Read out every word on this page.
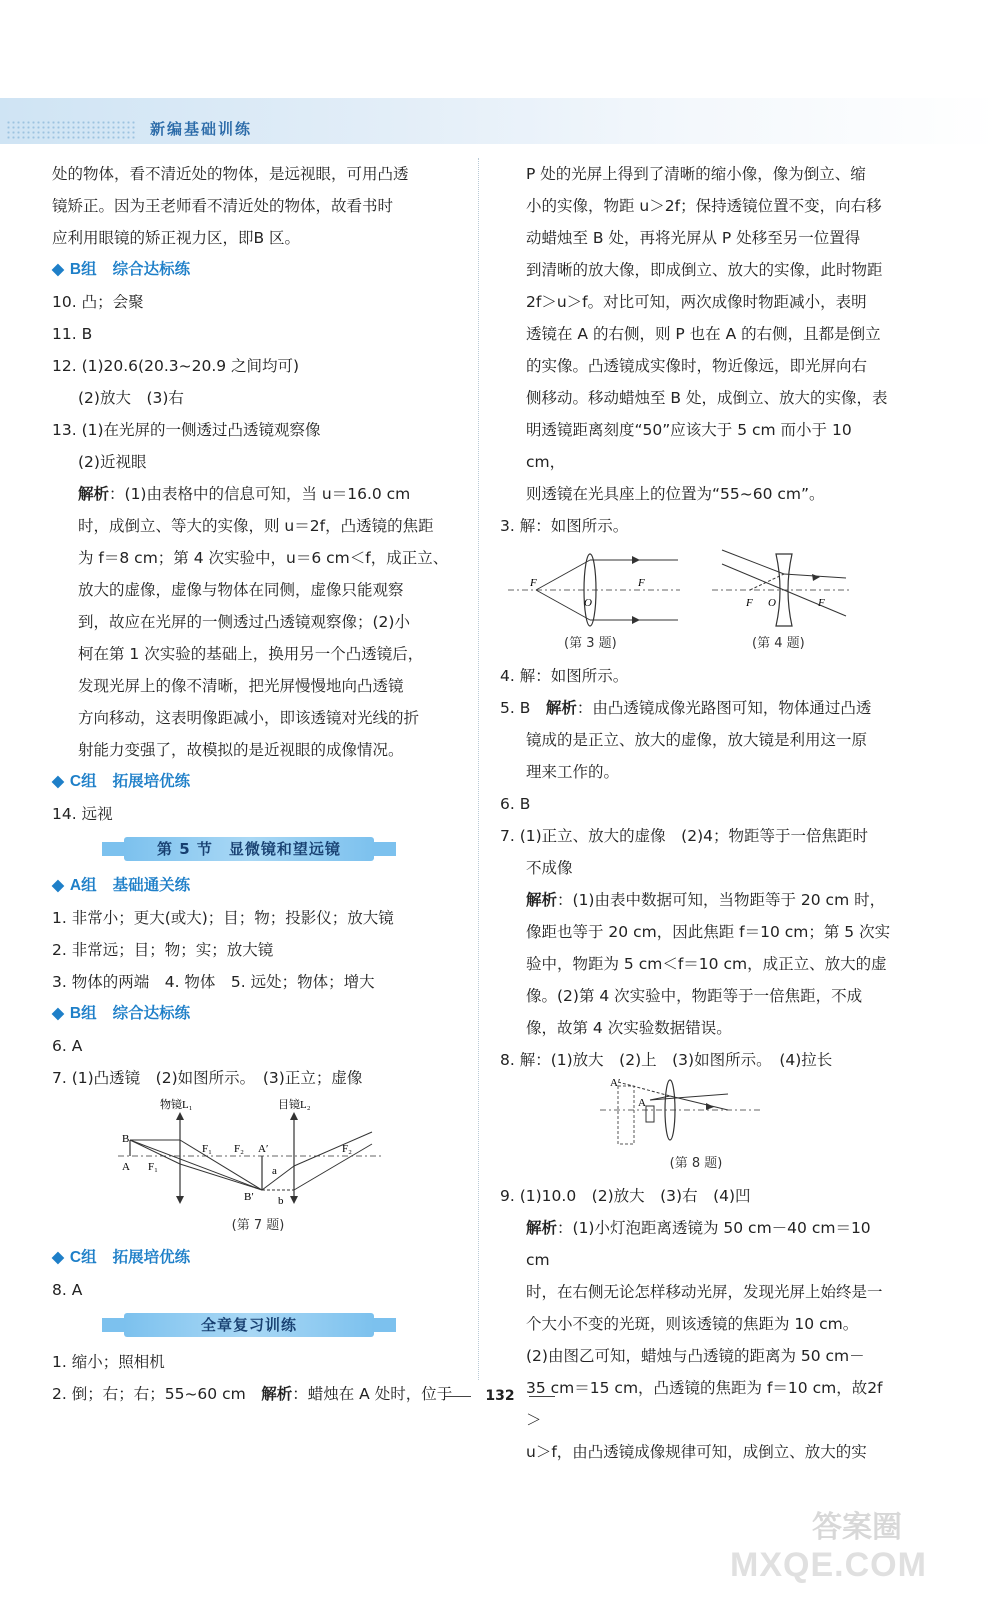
新编基础训练

处的物体，看不清近处的物体，是远视眼，可用凸透

镜矫正。因为王老师看不清近处的物体，故看书时

应利用眼镜的矫正视力区，即B 区。

◆ B组 综合达标练

10. 凸；会聚

11. B

12. (1)20.6(20.3~20.9 之间均可)

(2)放大　(3)右

13. (1)在光屏的一侧透过凸透镜观察像

(2)近视眼

解析：(1)由表格中的信息可知，当 u＝16.0 cm

时，成倒立、等大的实像，则 u＝2f，凸透镜的焦距

为 f＝8 cm；第 4 次实验中，u＝6 cm＜f，成正立、

放大的虚像，虚像与物体在同侧，虚像只能观察

到，故应在光屏的一侧透过凸透镜观察像；(2)小

柯在第 1 次实验的基础上，换用另一个凸透镜后，

发现光屏上的像不清晰，把光屏慢慢地向凸透镜

方向移动，这表明像距减小，即该透镜对光线的折

射能力变强了，故模拟的是近视眼的成像情况。

◆ C组 拓展培优练

14. 远视

第 5 节　显微镜和望远镜

◆ A组 基础通关练

1. 非常小；更大(或大)；目；物；投影仪；放大镜

2. 非常远；目；物；实；放大镜

3. 物体的两端　4. 物体　5. 远处；物体；增大

◆ B组 综合达标练

6. A

7. (1)凸透镜　(2)如图所示。　(3)正立；虚像

物镜L₁	目镜L₂
B
A
B′
A′
F₁
F₁
F₂	F₂
a
b

(第 7 题)

◆ C组 拓展培优练

8. A

全章复习训练

1. 缩小；照相机

2. 倒；右；右；55~60 cm　 解析：蜡烛在 A 处时，位于

P 处的光屏上得到了清晰的缩小像，像为倒立、缩

小的实像，物距 u＞2f；保持透镜位置不变，向右移

动蜡烛至 B 处，再将光屏从 P 处移至另一位置得

到清晰的放大像，即成倒立、放大的实像，此时物距

2f＞u＞f。对比可知，两次成像时物距减小，表明

透镜在 A 的右侧，则 P 也在 A 的右侧，且都是倒立

的实像。凸透镜成实像时，物近像远，即光屏向右

侧移动。移动蜡烛至 B 处，成倒立、放大的实像，表

明透镜距离刻度“50”应该大于 5 cm 而小于 10 cm，

则透镜在光具座上的位置为“55~60 cm”。

3. 解：如图所示。

F	F
O	F	F
O
(第 3 题)	(第 4 题)

4. 解：如图所示。

5. B　解析：由凸透镜成像光路图可知，物体通过凸透

镜成的是正立、放大的虚像，放大镜是利用这一原

理来工作的。

6. B

7. (1)正立、放大的虚像　(2)4；物距等于一倍焦距时

不成像

解析：(1)由表中数据可知，当物距等于 20 cm 时，

像距也等于 20 cm，因此焦距 f＝10 cm；第 5 次实

验中，物距为 5 cm＜f＝10 cm，成正立、放大的虚

像。(2)第 4 次实验中，物距等于一倍焦距，不成

像，故第 4 次实验数据错误。

8. 解：(1)放大　(2)上　(3)如图所示。　(4)拉长

A′
A

(第 8 题)

9. (1)10.0　(2)放大　(3)右　(4)凹

解析：(1)小灯泡距离透镜为 50 cm－40 cm＝10 cm

时，在右侧无论怎样移动光屏，发现光屏上始终是一

个大小不变的光斑，则该透镜的焦距为 10 cm。

(2)由图乙可知，蜡烛与凸透镜的距离为 50 cm－

35 cm＝15 cm，凸透镜的焦距为 f＝10 cm，故2f＞

u＞f，由凸透镜成像规律可知，成倒立、放大的实

132
答案圈
MXQE.COM
